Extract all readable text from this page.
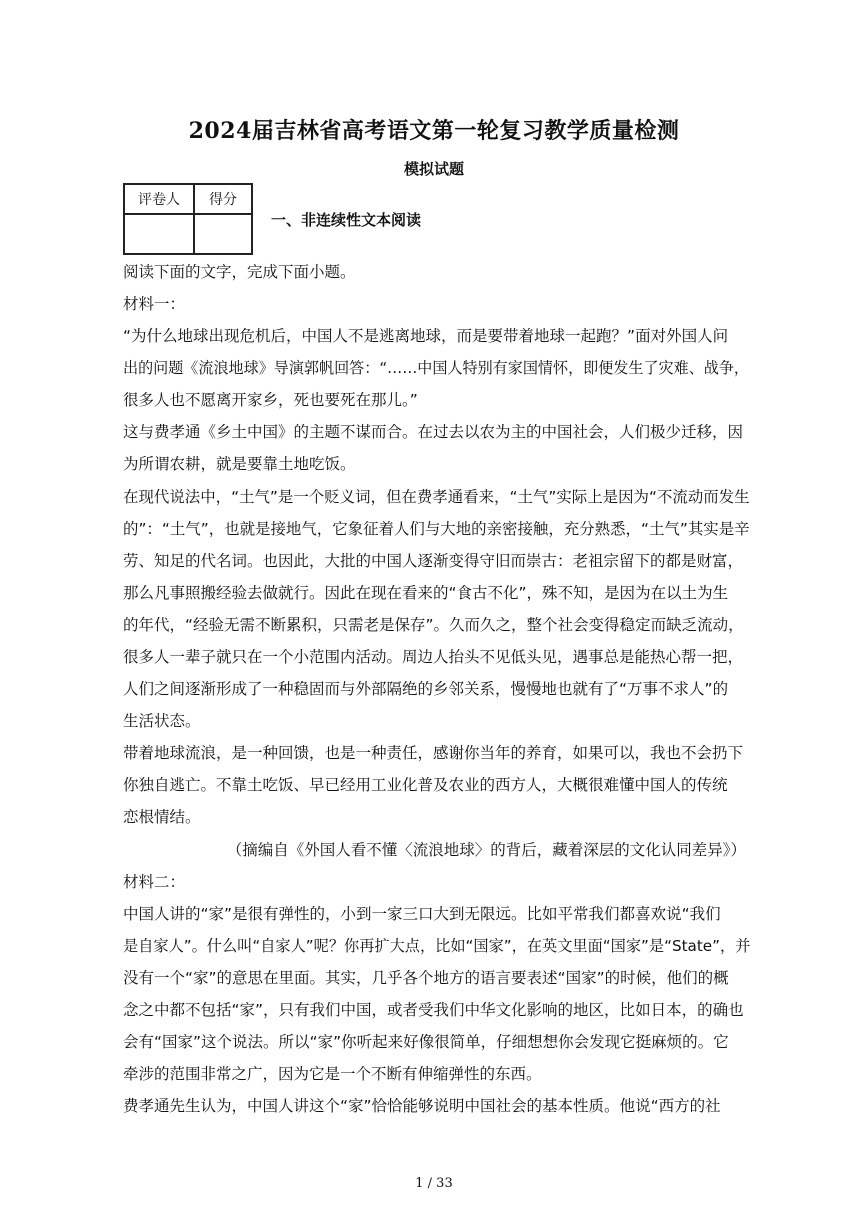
2024届吉林省高考语文第一轮复习教学质量检测
模拟试题
评卷人	得分

一、非连续性文本阅读
阅读下面的文字，完成下面小题。
材料一：
“为什么地球出现危机后，中国人不是逃离地球，而是要带着地球一起跑？”面对外国人问
出的问题《流浪地球》导演郭帆回答：“……中国人特别有家国情怀，即便发生了灾难、战争，
很多人也不愿离开家乡，死也要死在那儿。”
这与费孝通《乡土中国》的主题不谋而合。在过去以农为主的中国社会，人们极少迁移，因
为所谓农耕，就是要靠土地吃饭。
在现代说法中，“土气”是一个贬义词，但在费孝通看来，“土气”实际上是因为“不流动而发生
的”：“土气”，也就是接地气，它象征着人们与大地的亲密接触，充分熟悉，“土气”其实是辛
劳、知足的代名词。也因此，大批的中国人逐渐变得守旧而崇古：老祖宗留下的都是财富，
那么凡事照搬经验去做就行。因此在现在看来的“食古不化”，殊不知，是因为在以土为生
的年代，“经验无需不断累积，只需老是保存”。久而久之，整个社会变得稳定而缺乏流动，
很多人一辈子就只在一个小范围内活动。周边人抬头不见低头见，遇事总是能热心帮一把，
人们之间逐渐形成了一种稳固而与外部隔绝的乡邻关系，慢慢地也就有了“万事不求人”的
生活状态。
带着地球流浪，是一种回馈，也是一种责任，感谢你当年的养育，如果可以，我也不会扔下
你独自逃亡。不靠土吃饭、早已经用工业化普及农业的西方人，大概很难懂中国人的传统
恋根情结。
（摘编自《外国人看不懂〈流浪地球〉的背后，藏着深层的文化认同差异》）
材料二：
中国人讲的“家”是很有弹性的，小到一家三口大到无限远。比如平常我们都喜欢说“我们
是自家人”。什么叫“自家人”呢？你再扩大点，比如“国家”，在英文里面“国家”是“State”，并
没有一个“家”的意思在里面。其实，几乎各个地方的语言要表述“国家”的时候，他们的概
念之中都不包括“家”，只有我们中国，或者受我们中华文化影响的地区，比如日本，的确也
会有“国家”这个说法。所以“家”你听起来好像很简单，仔细想想你会发现它挺麻烦的。它
牵涉的范围非常之广，因为它是一个不断有伸缩弹性的东西。
费孝通先生认为，中国人讲这个“家”恰恰能够说明中国社会的基本性质。他说“西方的社
1 / 33
